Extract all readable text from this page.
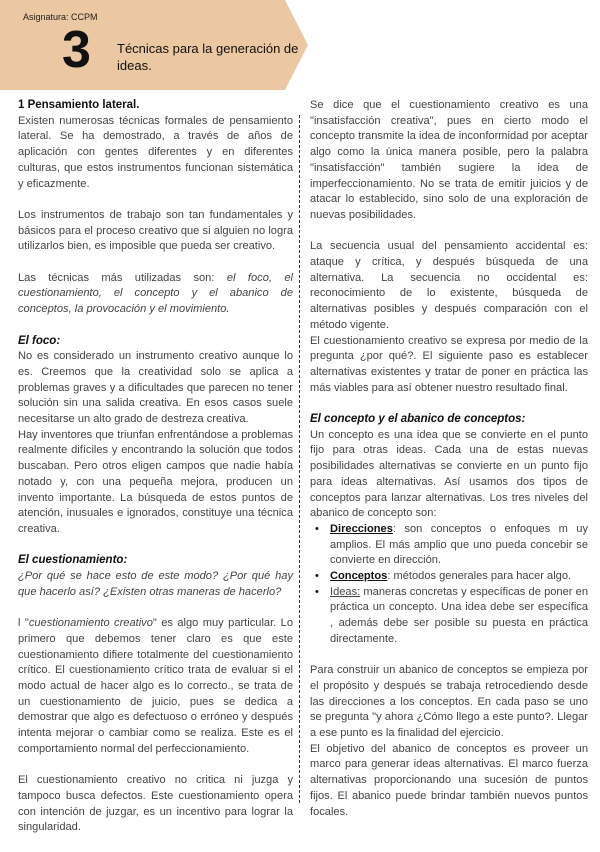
Asignatura: CCPM
3 Técnicas para la generación de ideas.
1 Pensamiento lateral.

Existen numerosas técnicas formales de pensamiento lateral. Se ha demostrado, a través de años de aplicación con gentes diferentes y en diferentes culturas, que estos instrumentos funcionan sistemática y eficazmente.

Los instrumentos de trabajo son tan fundamentales y básicos para el proceso creativo que si alguien no logra utilizarlos bien, es imposible que pueda ser creativo.

Las técnicas más utilizadas son: el foco, el cuestionamiento, el concepto y el abanico de conceptos, la provocación y el movimiento.

El foco:

No es considerado un instrumento creativo aunque lo es. Creemos que la creatividad solo se aplica a problemas graves y a dificultades que parecen no tener solución sin una salida creativa. En esos casos suele necesitarse un alto grado de destreza creativa.

Hay inventores que triunfan enfrentándose a problemas realmente difíciles y encontrando la solución que todos buscaban. Pero otros eligen campos que nadie había notado y, con una pequeña mejora, producen un invento importante. La búsqueda de estos puntos de atención, inusuales e ignorados, constituye una técnica creativa.

El cuestionamiento:

¿Por qué se hace esto de este modo? ¿Por qué hay que hacerlo así? ¿Existen otras maneras de hacerlo?

l "cuestionamiento creativo" es algo muy particular. Lo primero que debemos tener claro es que este cuestionamiento difiere totalmente del cuestionamiento crítico. El cuestionamiento crítico trata de evaluar si el modo actual de hacer algo es lo correcto., se trata de un cuestionamiento de juicio, pues se dedica a demostrar que algo es defectuoso o erróneo y después intenta mejorar o cambiar como se realiza. Este es el comportamiento normal del perfeccionamiento.

El cuestionamiento creativo no critica ni juzga y tampoco busca defectos. Este cuestionamiento opera con intención de juzgar, es un incentivo para lograr la singularidad.

Se dice que el cuestionamiento creativo es una "insatisfacción creativa", pues en cierto modo el concepto transmite la idea de inconformidad por aceptar algo como la única manera posible, pero la palabra "insatisfacción" también sugiere la idea de imperfeccionamiento. No se trata de emitir juicios y de atacar lo establecido, sino solo de una exploración de nuevas posibilidades.

La secuencia usual del pensamiento accidental es: ataque y crítica, y después búsqueda de una alternativa. La secuencia no occidental es: reconocimiento de lo existente, búsqueda de alternativas posibles y después comparación con el método vigente.

El cuestionamiento creativo se expresa por medio de la pregunta ¿por qué?. El siguiente paso es establecer alternativas existentes y tratar de poner en práctica las más viables para así obtener nuestro resultado final.

El concepto y el abanico de conceptos:

Un concepto es una idea que se convierte en el punto fijo para otras ideas. Cada una de estas nuevas posibilidades alternativas se convierte en un punto fijo para ideas alternativas. Así usamos dos tipos de conceptos para lanzar alternativas. Los tres niveles del abanico de concepto son:

• Direcciones: son conceptos o enfoques m uy amplios. El más amplio que uno pueda concebir se convierte en dirección.
• Conceptos: métodos generales para hacer algo.
• Ideas: maneras concretas y específicas de poner en práctica un concepto. Una idea debe ser específica , además debe ser posible su puesta en práctica directamente.

Para construir un abanico de conceptos se empieza por el propósito y después se trabaja retrocediendo desde las direcciones a los conceptos. En cada paso se uno se pregunta "y ahora ¿Cómo llego a este punto?. Llegar a ese punto es la finalidad del ejercicio.

El objetivo del abanico de conceptos es proveer un marco para generar ideas alternativas. El marco fuerza alternativas proporcionando una sucesión de puntos fijos. El abanico puede brindar también nuevos puntos focales.
